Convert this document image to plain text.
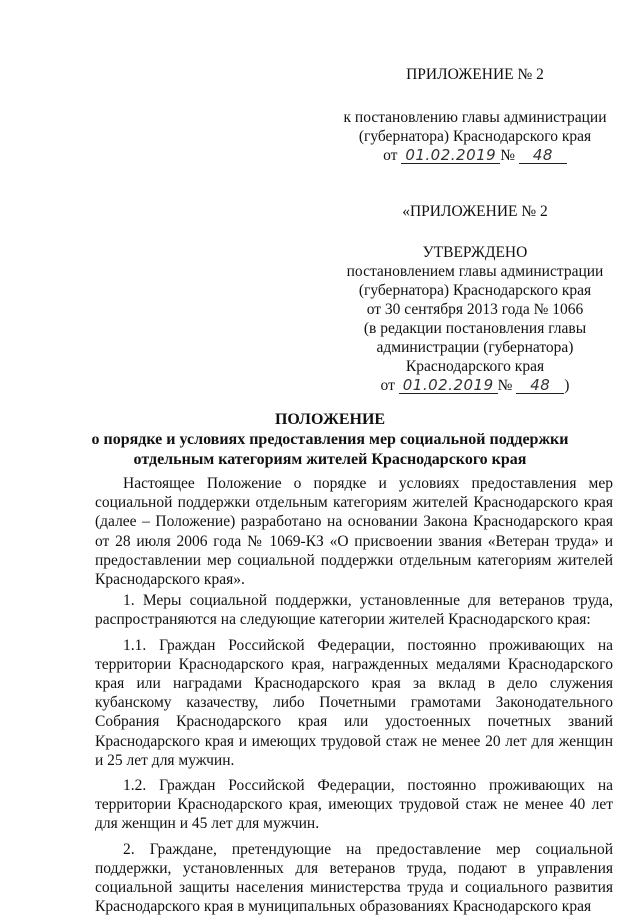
ПРИЛОЖЕНИЕ № 2

к постановлению главы администрации

(губернатора) Краснодарского края

от 01.02.2019 № 48

«ПРИЛОЖЕНИЕ № 2

УТВЕРЖДЕНО

постановлением главы администрации

(губернатора) Краснодарского края

от 30 сентября 2013 года № 1066

(в редакции постановления главы

администрации (губернатора)

Краснодарского края

от 01.02.2019 № 48 )

ПОЛОЖЕНИЕ

о порядке и условиях предоставления мер социальной поддержки

отдельным категориям жителей Краснодарского края

Настоящее Положение о порядке и условиях предоставления мер социальной поддержки отдельным категориям жителей Краснодарского края (далее – Положение) разработано на основании Закона Краснодарского края от 28 июля 2006 года № 1069-КЗ «О присвоении звания «Ветеран труда» и предоставлении мер социальной поддержки отдельным категориям жителей Краснодарского края».

1. Меры социальной поддержки, установленные для ветеранов труда, распространяются на следующие категории жителей Краснодарского края:

1.1. Граждан Российской Федерации, постоянно проживающих на территории Краснодарского края, награжденных медалями Краснодарского края или наградами Краснодарского края за вклад в дело служения кубанскому казачеству, либо Почетными грамотами Законодательного Собрания Краснодарского края или удостоенных почетных званий Краснодарского края и имеющих трудовой стаж не менее 20 лет для женщин и 25 лет для мужчин.

1.2. Граждан Российской Федерации, постоянно проживающих на территории Краснодарского края, имеющих трудовой стаж не менее 40 лет для женщин и 45 лет для мужчин.

2. Граждане, претендующие на предоставление мер социальной поддержки, установленных для ветеранов труда, подают в управления социальной защиты населения министерства труда и социального развития Краснодарского края в муниципальных образованиях Краснодарского края
